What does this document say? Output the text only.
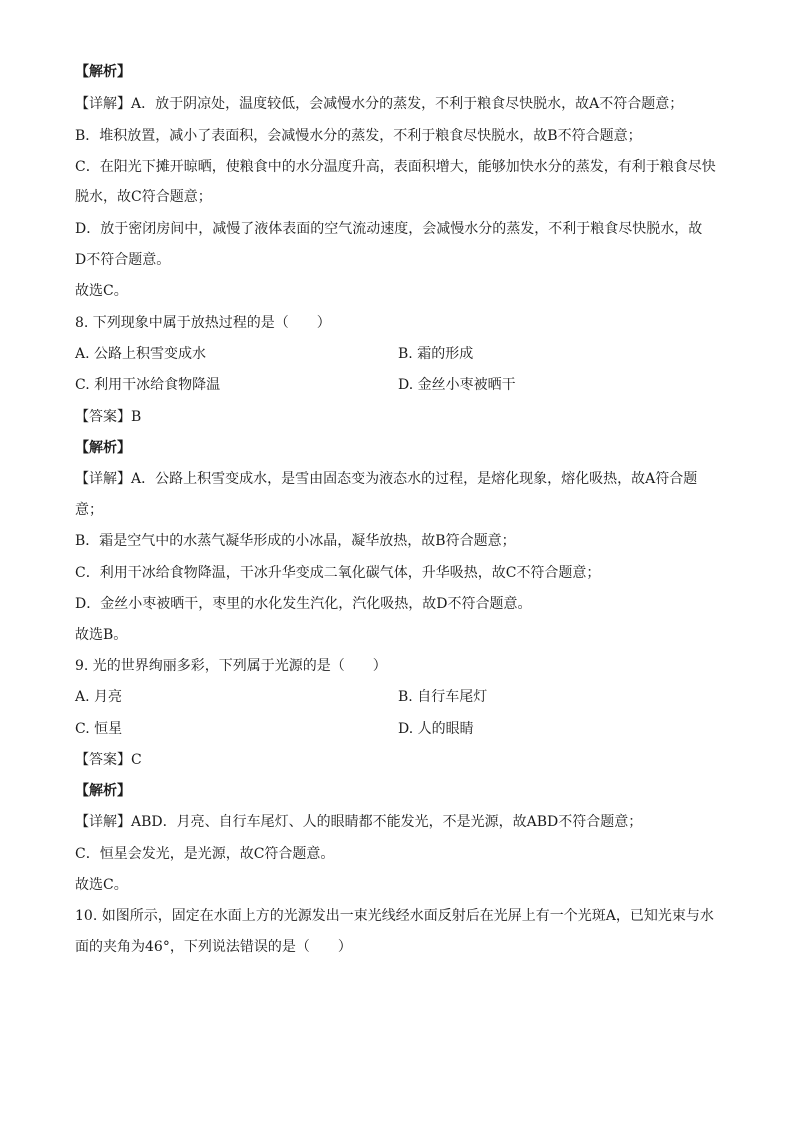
【解析】
【详解】A．放于阴凉处，温度较低，会减慢水分的蒸发，不利于粮食尽快脱水，故A不符合题意；
B．堆积放置，减小了表面积，会减慢水分的蒸发，不利于粮食尽快脱水，故B不符合题意；
C．在阳光下摊开晾晒，使粮食中的水分温度升高，表面积增大，能够加快水分的蒸发，有利于粮食尽快
脱水，故C符合题意；
D．放于密闭房间中，减慢了液体表面的空气流动速度，会减慢水分的蒸发，不利于粮食尽快脱水，故
D不符合题意。
故选C。
8. 下列现象中属于放热过程的是（　　）
A. 公路上积雪变成水	B. 霜的形成
C. 利用干冰给食物降温	D. 金丝小枣被晒干
【答案】B
【解析】
【详解】A．公路上积雪变成水，是雪由固态变为液态水的过程，是熔化现象，熔化吸热，故A符合题
意；
B．霜是空气中的水蒸气凝华形成的小冰晶，凝华放热，故B符合题意；
C．利用干冰给食物降温，干冰升华变成二氧化碳气体，升华吸热，故C不符合题意；
D．金丝小枣被晒干，枣里的水化发生汽化，汽化吸热，故D不符合题意。
故选B。
9. 光的世界绚丽多彩，下列属于光源的是（　　）
A. 月亮	B. 自行车尾灯
C. 恒星	D. 人的眼睛
【答案】C
【解析】
【详解】ABD．月亮、自行车尾灯、人的眼睛都不能发光，不是光源，故ABD不符合题意；
C．恒星会发光，是光源，故C符合题意。
故选C。
10. 如图所示，固定在水面上方的光源发出一束光线经水面反射后在光屏上有一个光斑A，已知光束与水
面的夹角为46°，下列说法错误的是（　　）
